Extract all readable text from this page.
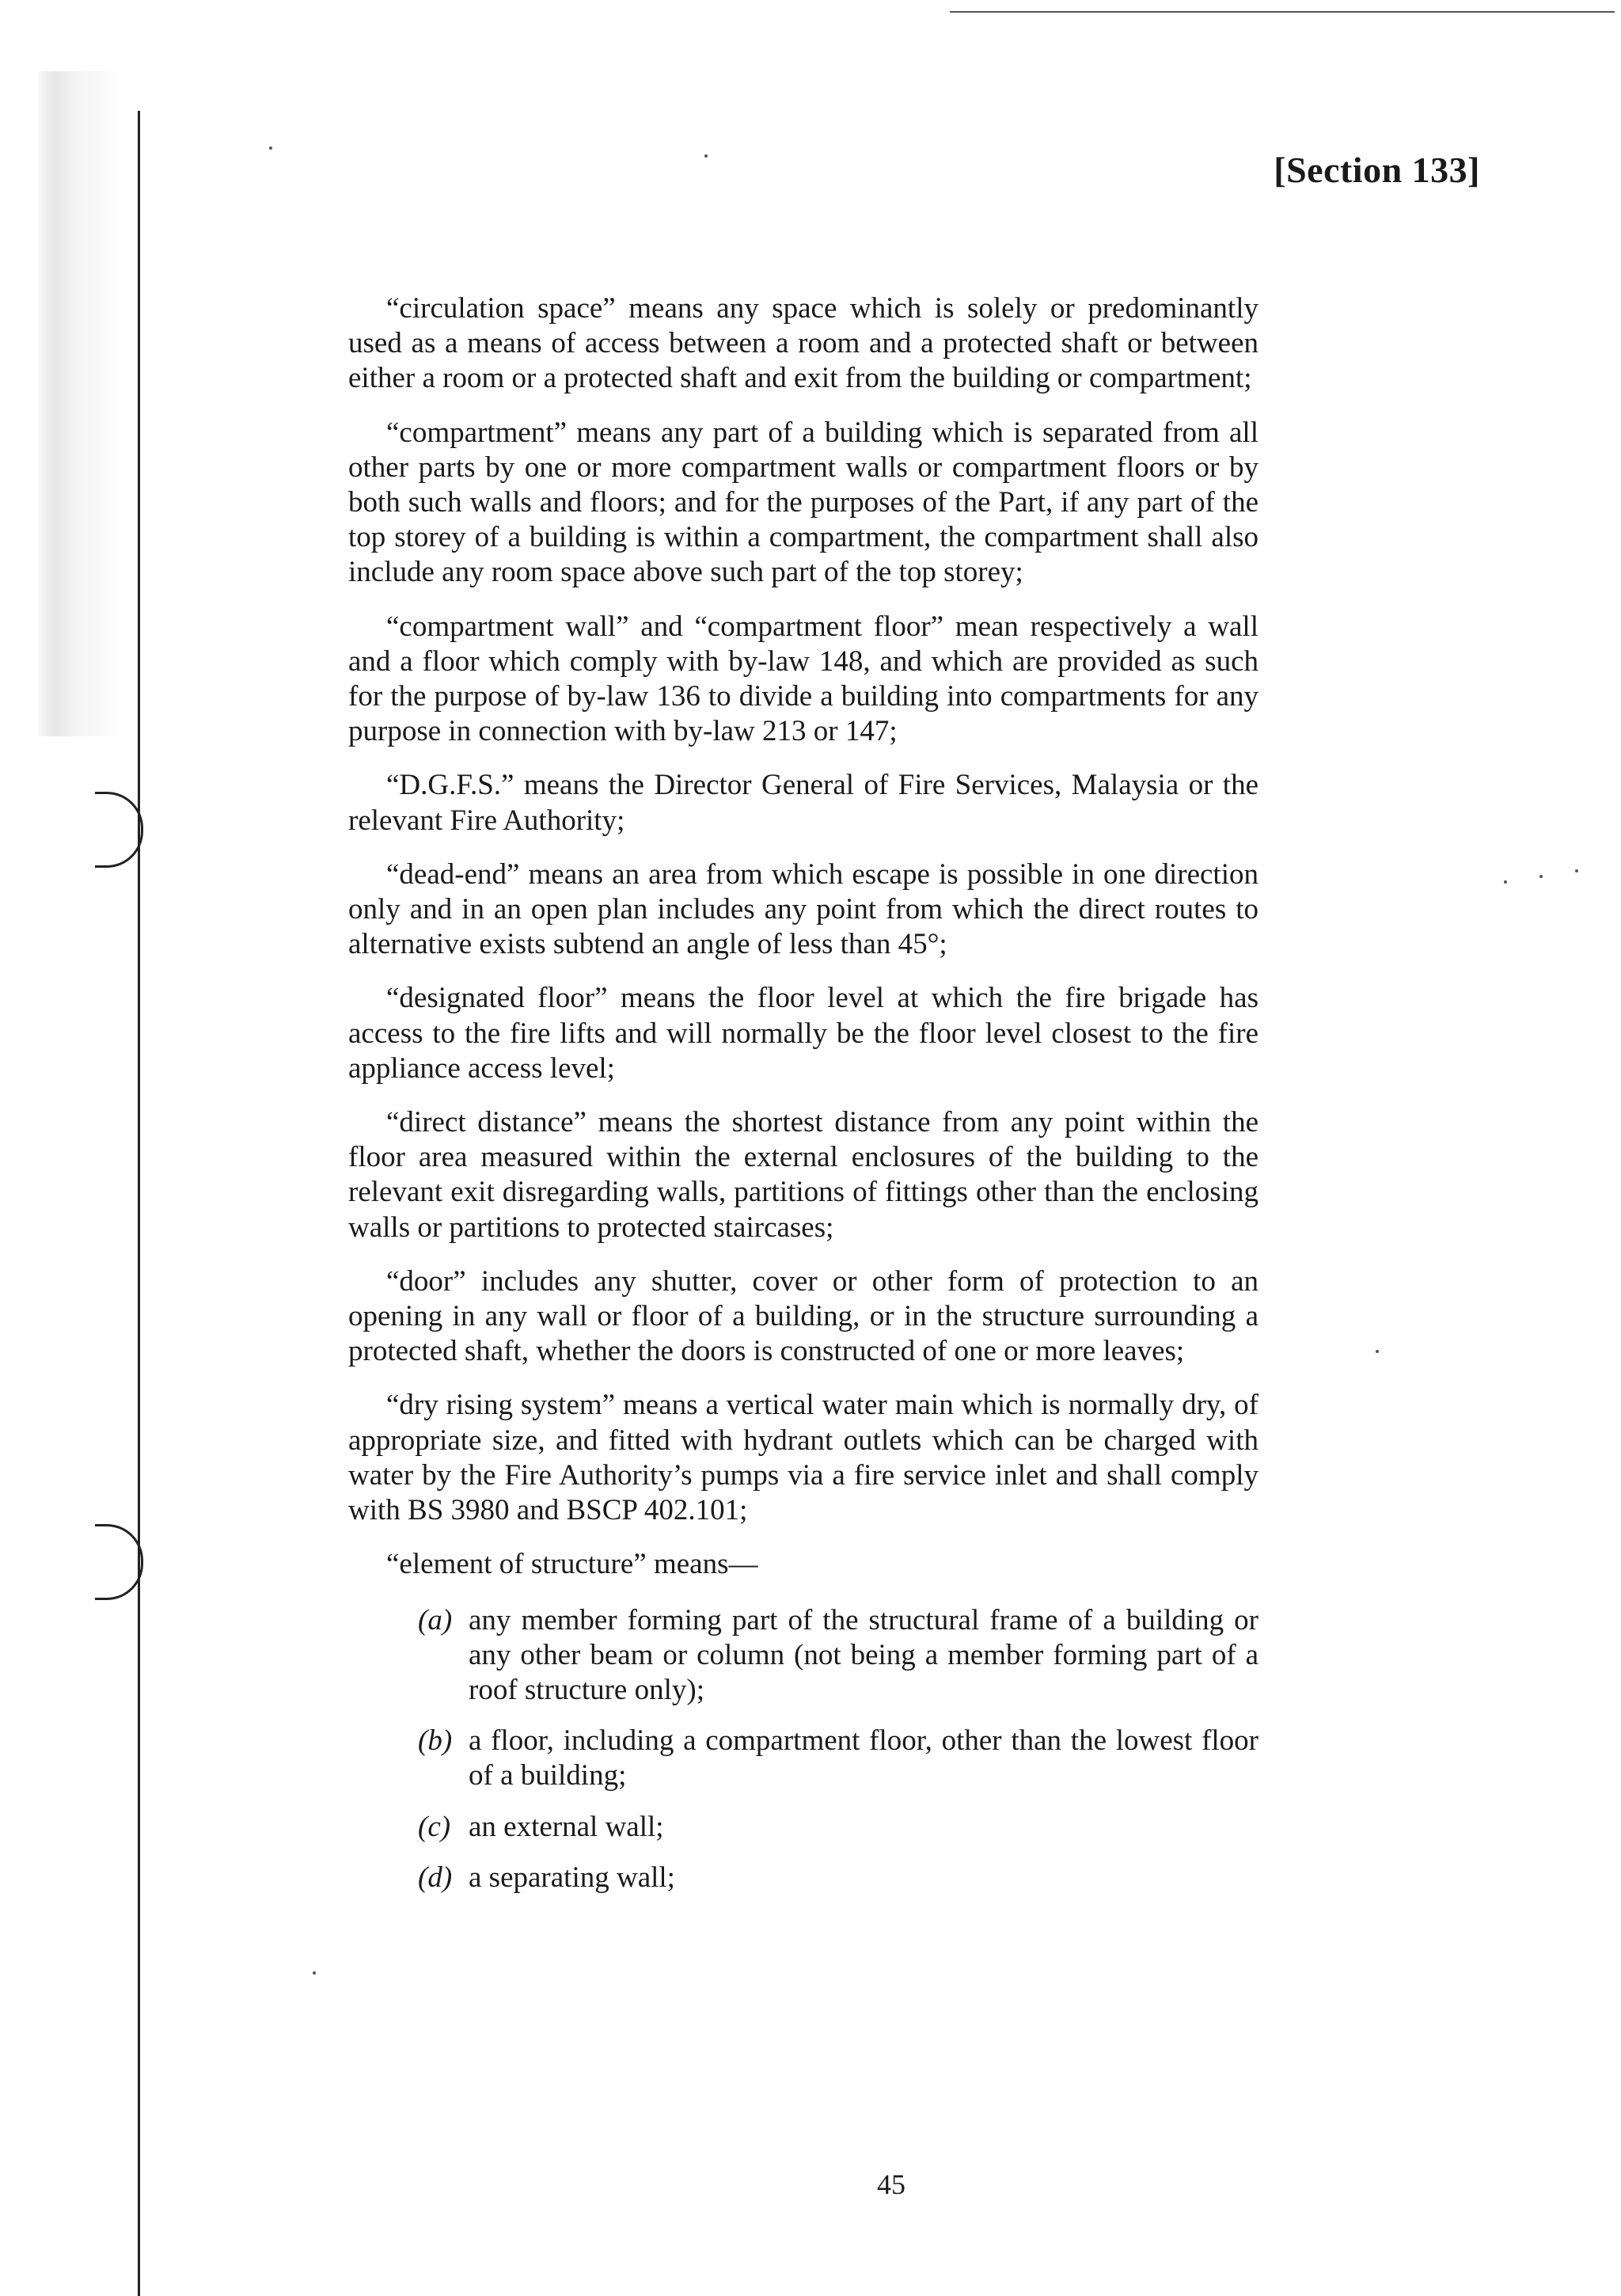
[Section 133]

“circulation space” means any space which is solely or predominantly used as a means of access between a room and a protected shaft or between either a room or a protected shaft and exit from the building or compartment;

“compartment” means any part of a building which is separated from all other parts by one or more compartment walls or compartment floors or by both such walls and floors; and for the purposes of the Part, if any part of the top storey of a building is within a compartment, the compartment shall also include any room space above such part of the top storey;

“compartment wall” and “compartment floor” mean respectively a wall and a floor which comply with by-law 148, and which are provided as such for the purpose of by-law 136 to divide a building into compartments for any purpose in connection with by-law 213 or 147;

“D.G.F.S.” means the Director General of Fire Services, Malaysia or the relevant Fire Authority;

“dead-end” means an area from which escape is possible in one direction only and in an open plan includes any point from which the direct routes to alternative exists subtend an angle of less than 45°;

“designated floor” means the floor level at which the fire brigade has access to the fire lifts and will normally be the floor level closest to the fire appliance access level;

“direct distance” means the shortest distance from any point within the floor area measured within the external enclosures of the building to the relevant exit disregarding walls, partitions of fittings other than the enclosing walls or partitions to protected staircases;

“door” includes any shutter, cover or other form of protection to an opening in any wall or floor of a building, or in the structure surrounding a protected shaft, whether the doors is constructed of one or more leaves;

“dry rising system” means a vertical water main which is normally dry, of appropriate size, and fitted with hydrant outlets which can be charged with water by the Fire Authority’s pumps via a fire service inlet and shall comply with BS 3980 and BSCP 402.101;

“element of structure” means—

(a) any member forming part of the structural frame of a building or any other beam or column (not being a member forming part of a roof structure only);
(b) a floor, including a compartment floor, other than the lowest floor of a building;
(c) an external wall;
(d) a separating wall;
45
